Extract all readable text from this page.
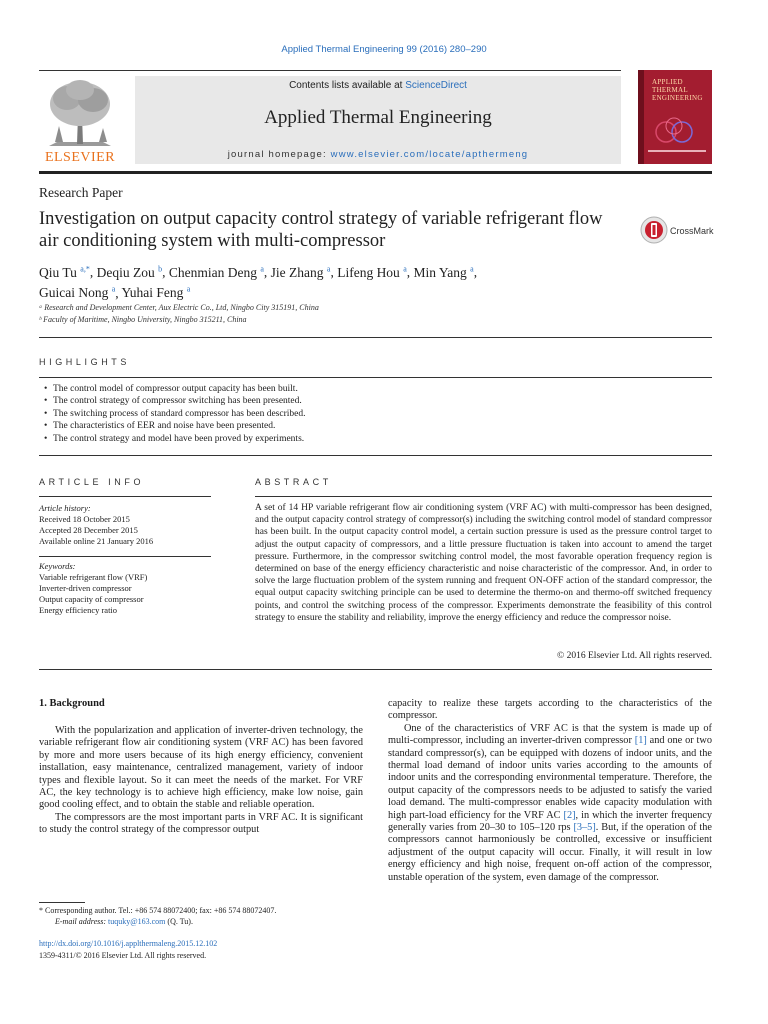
Applied Thermal Engineering 99 (2016) 280–290
ELSEVIER
Contents lists available at ScienceDirect
Applied Thermal Engineering
journal homepage: www.elsevier.com/locate/apthermeng
APPLIED THERMAL ENGINEERING
Research Paper
Investigation on output capacity control strategy of variable refrigerant flow air conditioning system with multi-compressor	CrossMark
Qiu Tu $^{a,*}$, Deqiu Zou $^b$, Chenmian Deng $^a$, Jie Zhang $^a$, Lifeng Hou $^a$, Min Yang $^a$,
Guicai Nong $^a$, Yuhai Feng $^a$
ᵃ Research and Development Center, Aux Electric Co., Ltd, Ningbo City 315191, China
ᵇ Faculty of Maritime, Ningbo University, Ningbo 315211, China
HIGHLIGHTS
• The control model of compressor output capacity has been built.
• The control strategy of compressor switching has been presented.
• The switching process of standard compressor has been described.
• The characteristics of EER and noise have been presented.
• The control strategy and model have been proved by experiments.
ARTICLE INFO	ABSTRACT
Article history:
Received 18 October 2015
Accepted 28 December 2015
Available online 21 January 2016
Keywords:
Variable refrigerant flow (VRF)
Inverter-driven compressor
Output capacity of compressor
Energy efficiency ratio
A set of 14 HP variable refrigerant flow air conditioning system (VRF AC) with multi-compressor has been designed, and the output capacity control strategy of compressor(s) including the switching control model of standard compressor has been built. In the output capacity control model, a certain suction pressure is used as the pressure control target to adjust the output capacity of compressors, and a little pressure fluctuation is taken into account to amend the target pressure. Furthermore, in the compressor switching control model, the most favorable operation frequency region is determined on base of the energy efficiency characteristic and noise characteristic of the compressor. And, in order to solve the large fluctuation problem of the system running and frequent ON-OFF action of the standard compressor, the equal output capacity switching principle can be used to determine the thermo-on and thermo-off switched frequency points, and control the switching process of the compressor. Experiments demonstrate the feasibility of this control strategy to ensure the stability and reliability, improve the energy efficiency and reduce the compressor noise.
© 2016 Elsevier Ltd. All rights reserved.
1. Background

With the popularization and application of inverter-driven technology, the variable refrigerant flow air conditioning system (VRF AC) has been favored by more and more users because of its high energy efficiency, convenient installation, easy maintenance, centralized management, variety of indoor types and flexible layout. So it can meet the needs of the market. For VRF AC, the key technology is to achieve high efficiency, make low noise, gain good cooling effect, and to obtain the stable and reliable operation.

The compressors are the most important parts in VRF AC. It is significant to study the control strategy of the compressor output

capacity to realize these targets according to the characteristics of the compressor.

One of the characteristics of VRF AC is that the system is made up of multi-compressor, including an inverter-driven compressor [1] and one or two standard compressor(s), can be equipped with dozens of indoor units, and the thermal load demand of indoor units varies according to the amounts of indoor units and the corresponding environmental temperature. Therefore, the output capacity of the compressors needs to be adjusted to satisfy the varied load demand. The multi-compressor enables wide capacity modulation with high part-load efficiency for the VRF AC [2], in which the inverter frequency generally varies from 20–30 to 105–120 rps [3–5]. But, if the operation of the compressors cannot harmoniously be controlled, excessive or insufficient adjustment of the output capacity will occur. Finally, it will result in low energy efficiency and high noise, frequent on-off action of the compressor, unstable operation of the system, even damage of the compressor.

* Corresponding author. Tel.: +86 574 88072400; fax: +86 574 88072407.
E-mail address: tuquky@163.com (Q. Tu).
http://dx.doi.org/10.1016/j.applthermaleng.2015.12.102
1359-4311/© 2016 Elsevier Ltd. All rights reserved.
